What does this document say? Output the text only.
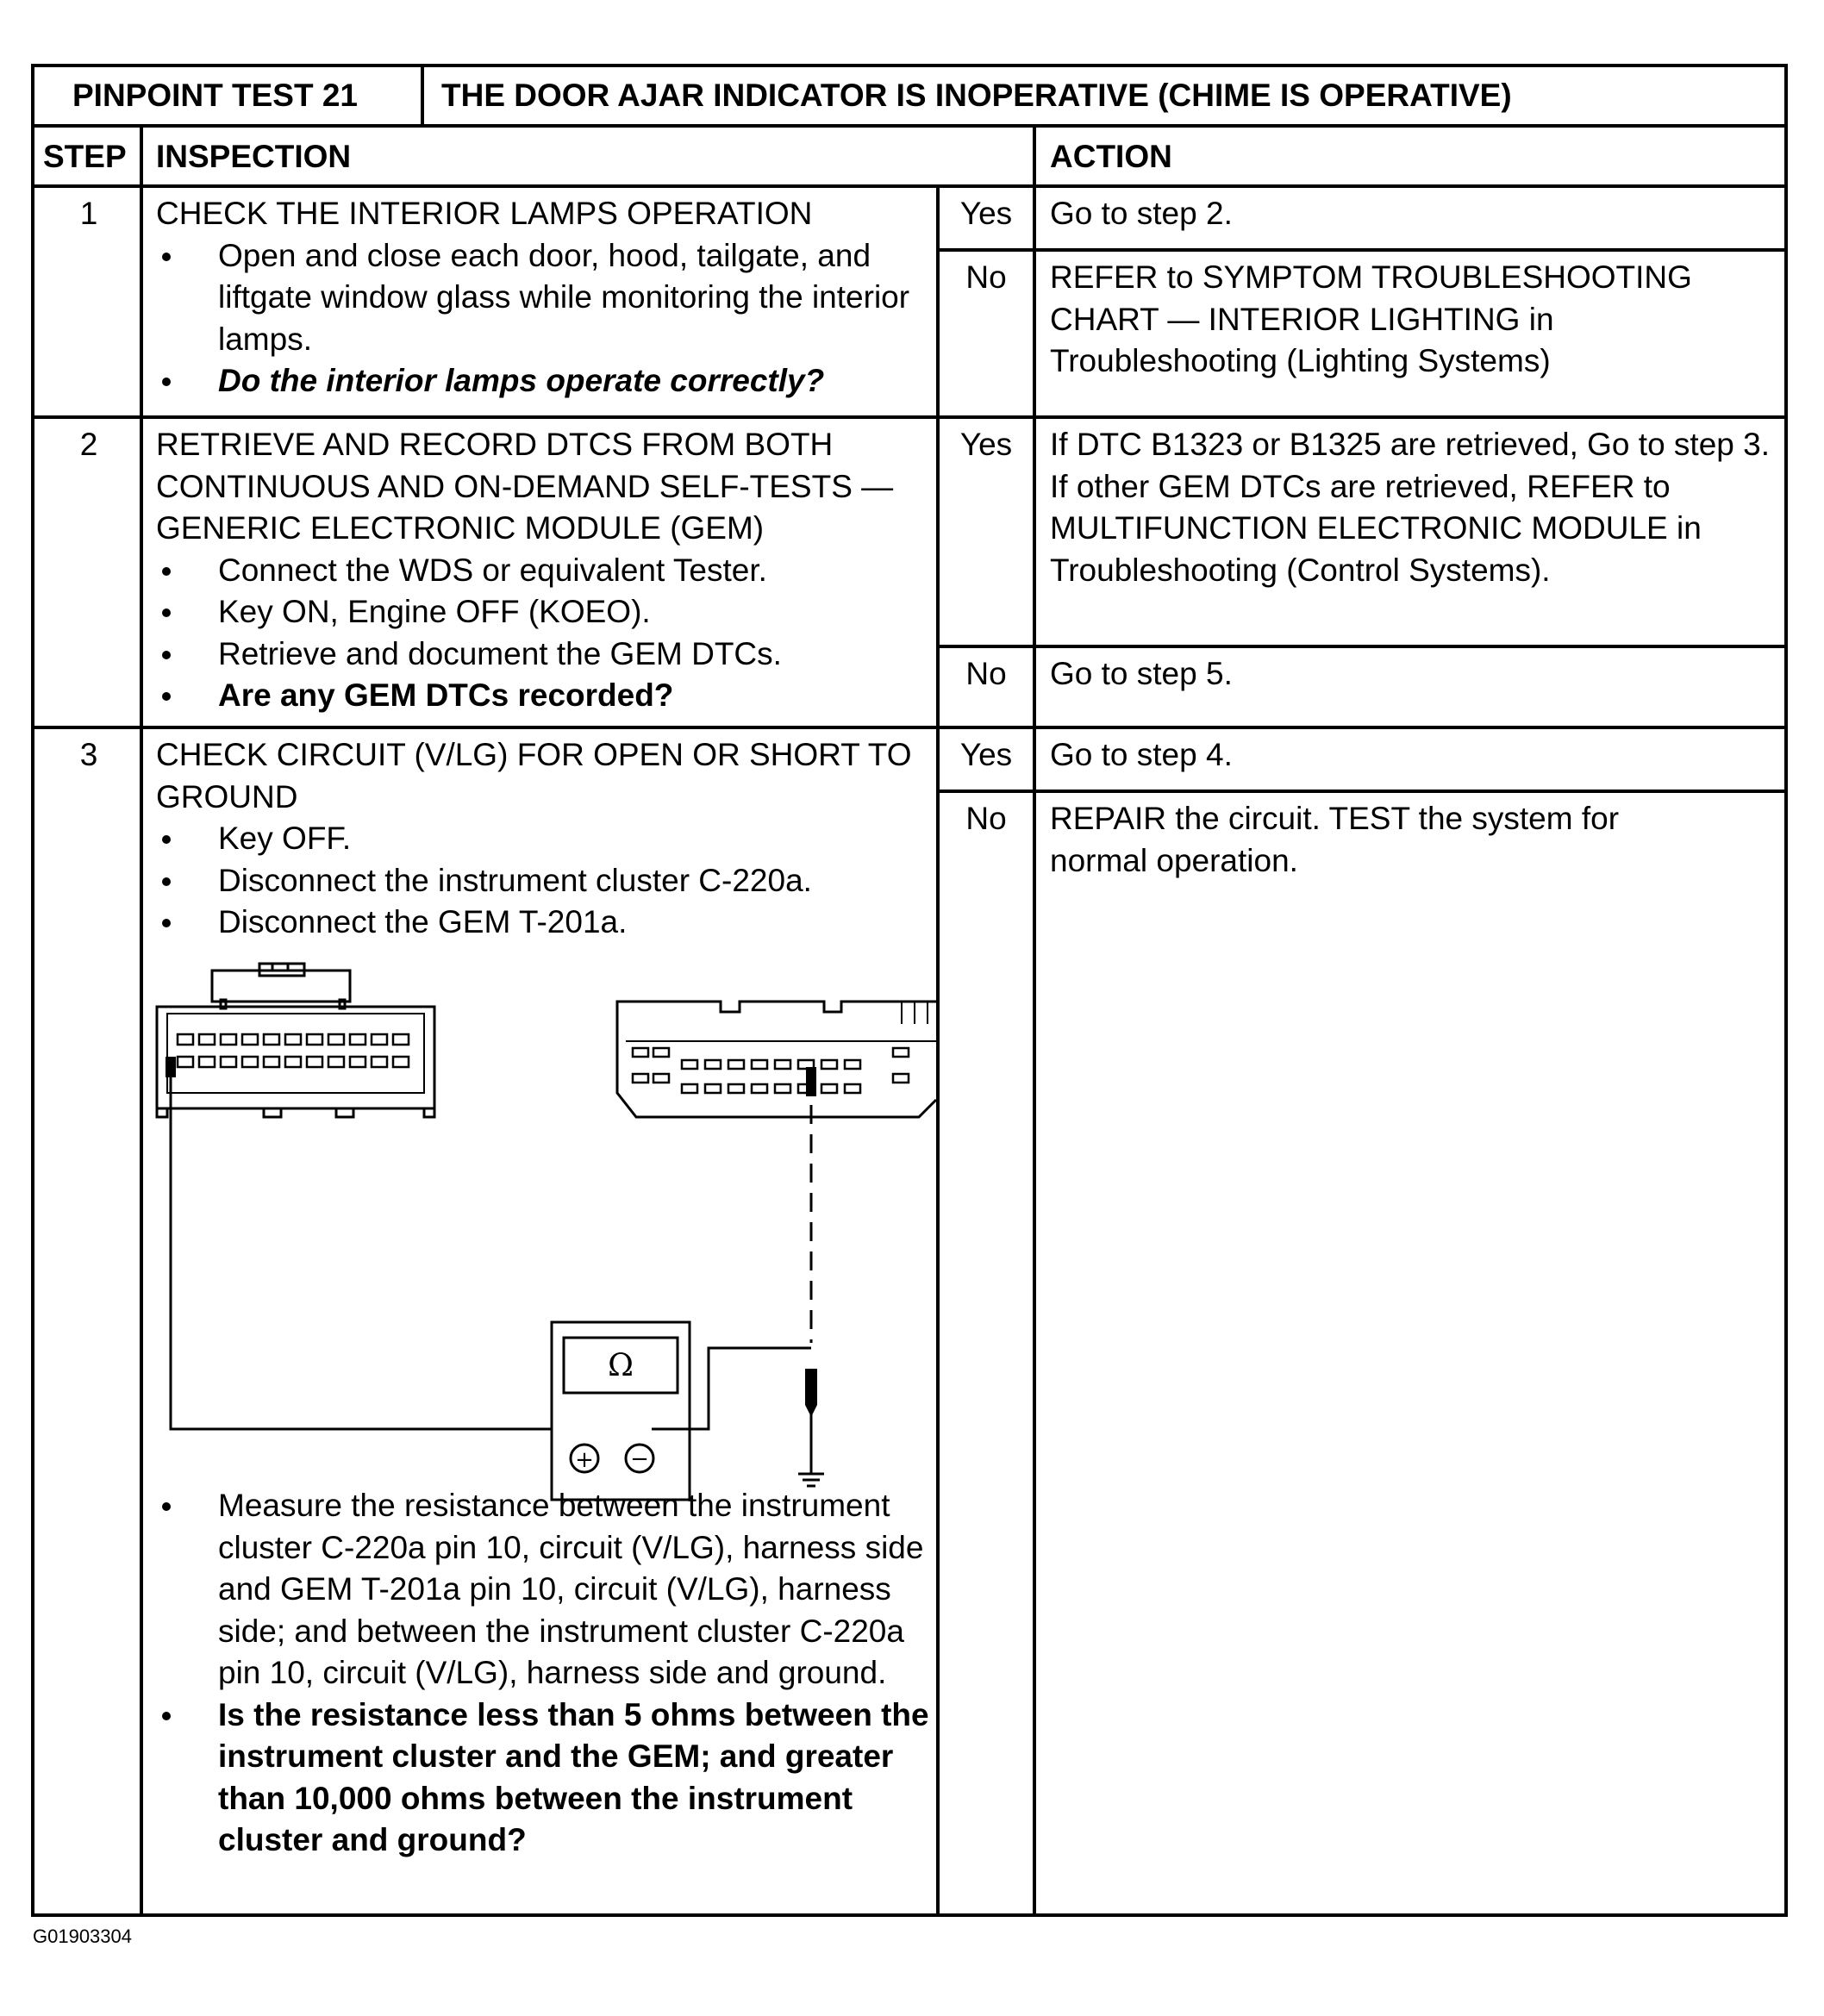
PINPOINT TEST 21	THE DOOR AJAR INDICATOR IS INOPERATIVE (CHIME IS OPERATIVE)
STEP INSPECTION	ACTION
1	CHECK THE INTERIOR LAMPS OPERATION

Open and close each door, hood, tailgate, and liftgate window glass while monitoring the interior lamps.
Do the interior lamps operate correctly?
Yes	Go to step 2.
No	REFER to SYMPTOM TROUBLESHOOTING CHART — INTERIOR LIGHTING in Troubleshooting (Lighting Systems)
2	RETRIEVE AND RECORD DTCS FROM BOTH CONTINUOUS AND ON-DEMAND SELF-TESTS — GENERIC ELECTRONIC MODULE (GEM)

Connect the WDS or equivalent Tester.
Key ON, Engine OFF (KOEO).
Retrieve and document the GEM DTCs.
Are any GEM DTCs recorded?
Yes	If DTC B1323 or B1325 are retrieved, Go to step 3.

If other GEM DTCs are retrieved, REFER to MULTIFUNCTION ELECTRONIC MODULE in Troubleshooting (Control Systems).

No	Go to step 5.
3	CHECK CIRCUIT (V/LG) FOR OPEN OR SHORT TO GROUND

Key OFF.
Disconnect the instrument cluster C-220a.
Disconnect the GEM T-201a.
Ω
+ −
Measure the resistance between the instrument cluster C-220a pin 10, circuit (V/LG), harness side and GEM T-201a pin 10, circuit (V/LG), harness side; and between the instrument cluster C-220a pin 10, circuit (V/LG), harness side and ground.
Is the resistance less than 5 ohms between the instrument cluster and the GEM; and greater than 10,000 ohms between the instrument cluster and ground?
Yes	Go to step 4.
No	REPAIR the circuit. TEST the system for normal operation.
G01903304
